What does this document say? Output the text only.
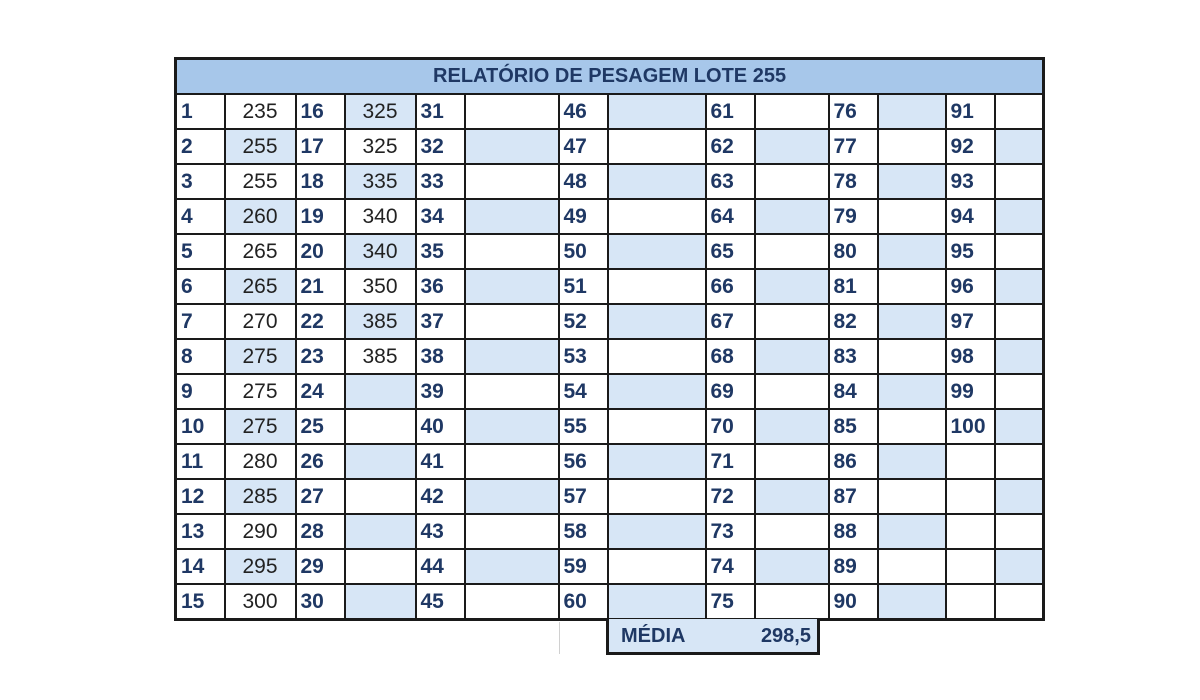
RELATÓRIO DE PESAGEM LOTE 255													
1	235	16	325	31		46		61		76		91	
2	255	17	325	32		47		62		77		92	
3	255	18	335	33		48		63		78		93	
4	260	19	340	34		49		64		79		94	
5	265	20	340	35		50		65		80		95	
6	265	21	350	36		51		66		81		96	
7	270	22	385	37		52		67		82		97	
8	275	23	385	38		53		68		83		98	
9	275	24		39		54		69		84		99	
10	275	25		40		55		70		85		100	
11	280	26		41		56		71		86			
12	285	27		42		57		72		87			
13	290	28		43		58		73		88			
14	295	29		44		59		74		89			
15	300	30		45		60		75		90			
MÉDIA	298,5
